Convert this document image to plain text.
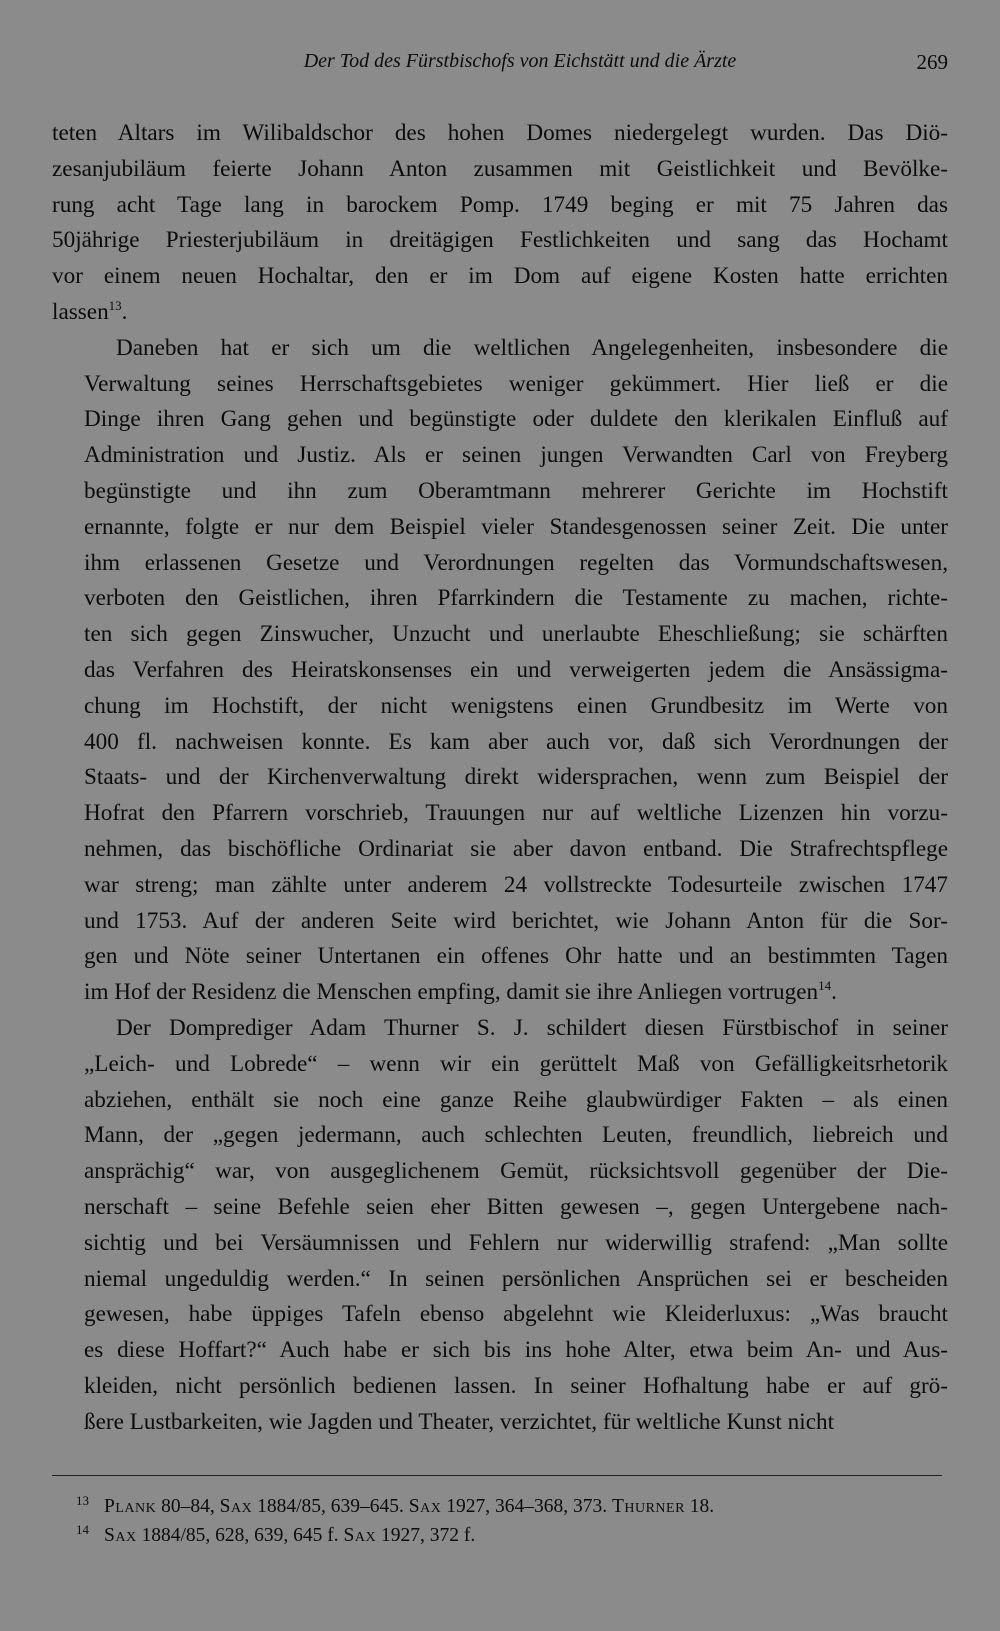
Der Tod des Fürstbischofs von Eichstätt und die Ärzte	269
teten Altars im Wilibaldschor des hohen Domes niedergelegt wurden. Das Diö-
zesanjubiläum feierte Johann Anton zusammen mit Geistlichkeit und Bevölke-
rung acht Tage lang in barockem Pomp. 1749 beging er mit 75 Jahren das
50jährige Priesterjubiläum in dreitägigen Festlichkeiten und sang das Hochamt
vor einem neuen Hochaltar, den er im Dom auf eigene Kosten hatte errichten
lassen$^{13}$.
Daneben hat er sich um die weltlichen Angelegenheiten, insbesondere die
Verwaltung seines Herrschaftsgebietes weniger gekümmert. Hier ließ er die
Dinge ihren Gang gehen und begünstigte oder duldete den klerikalen Einfluß auf
Administration und Justiz. Als er seinen jungen Verwandten Carl von Freyberg
begünstigte und ihn zum Oberamtmann mehrerer Gerichte im Hochstift
ernannte, folgte er nur dem Beispiel vieler Standesgenossen seiner Zeit. Die unter
ihm erlassenen Gesetze und Verordnungen regelten das Vormundschaftswesen,
verboten den Geistlichen, ihren Pfarrkindern die Testamente zu machen, richte-
ten sich gegen Zinswucher, Unzucht und unerlaubte Eheschließung; sie schärften
das Verfahren des Heiratskonsenses ein und verweigerten jedem die Ansässigma-
chung im Hochstift, der nicht wenigstens einen Grundbesitz im Werte von
400 fl. nachweisen konnte. Es kam aber auch vor, daß sich Verordnungen der
Staats- und der Kirchenverwaltung direkt widersprachen, wenn zum Beispiel der
Hofrat den Pfarrern vorschrieb, Trauungen nur auf weltliche Lizenzen hin vorzu-
nehmen, das bischöfliche Ordinariat sie aber davon entband. Die Strafrechtspflege
war streng; man zählte unter anderem 24 vollstreckte Todesurteile zwischen 1747
und 1753. Auf der anderen Seite wird berichtet, wie Johann Anton für die Sor-
gen und Nöte seiner Untertanen ein offenes Ohr hatte und an bestimmten Tagen
im Hof der Residenz die Menschen empfing, damit sie ihre Anliegen vortrugen$^{14}$.
Der Domprediger Adam Thurner S. J. schildert diesen Fürstbischof in seiner
„Leich- und Lobrede“ – wenn wir ein gerüttelt Maß von Gefälligkeitsrhetorik
abziehen, enthält sie noch eine ganze Reihe glaubwürdiger Fakten – als einen
Mann, der „gegen jedermann, auch schlechten Leuten, freundlich, liebreich und
ansprächig“ war, von ausgeglichenem Gemüt, rücksichtsvoll gegenüber der Die-
nerschaft – seine Befehle seien eher Bitten gewesen –, gegen Untergebene nach-
sichtig und bei Versäumnissen und Fehlern nur widerwillig strafend: „Man sollte
niemal ungeduldig werden.“ In seinen persönlichen Ansprüchen sei er bescheiden
gewesen, habe üppiges Tafeln ebenso abgelehnt wie Kleiderluxus: „Was braucht
es diese Hoffart?“ Auch habe er sich bis ins hohe Alter, etwa beim An- und Aus-
kleiden, nicht persönlich bedienen lassen. In seiner Hofhaltung habe er auf grö-
ßere Lustbarkeiten, wie Jagden und Theater, verzichtet, für weltliche Kunst nicht
13 Plank 80–84, Sax 1884/85, 639–645. Sax 1927, 364–368, 373. Thurner 18.
14 Sax 1884/85, 628, 639, 645 f. Sax 1927, 372 f.
